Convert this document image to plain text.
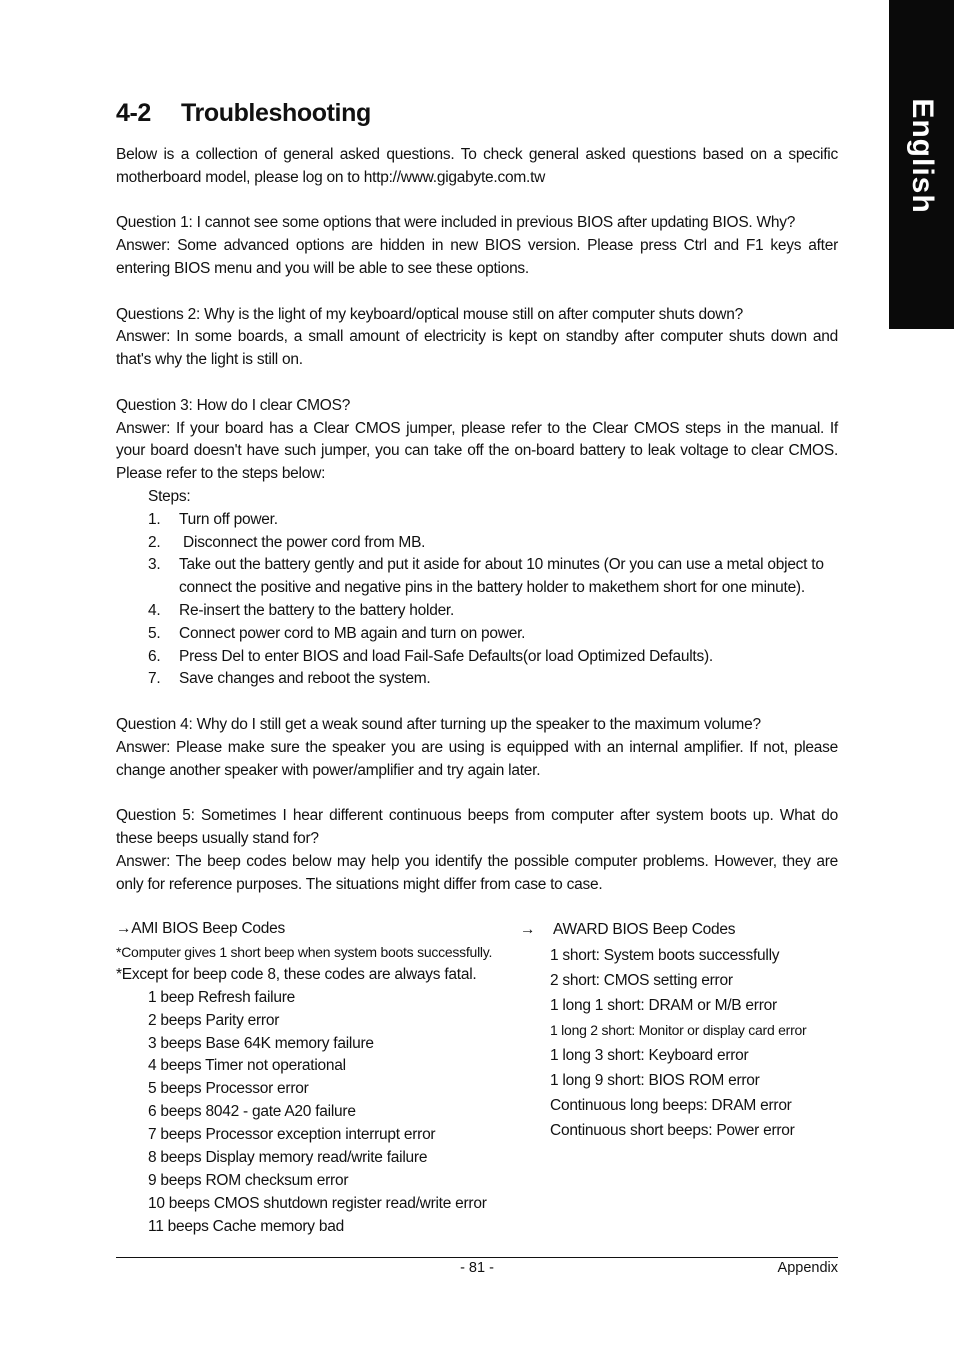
English
4-2 Troubleshooting

Below is a collection of general asked questions. To check general asked questions based on a specific motherboard model, please log on to http://www.gigabyte.com.tw

Question 1: I cannot see some options that were included in previous BIOS after updating BIOS. Why?

Answer: Some advanced options are hidden in new BIOS version. Please press Ctrl and F1 keys after entering BIOS menu and you will be able to see these options.

Questions 2: Why is the light of my keyboard/optical mouse still on after computer shuts down?

Answer: In some boards, a small amount of electricity is kept on standby after computer shuts down and that's why the light is still on.

Question 3: How do I clear CMOS?

Answer: If your board has a Clear CMOS jumper, please refer to the Clear CMOS steps in the manual. If your board doesn't have such jumper, you can take off the on-board battery to leak voltage to clear CMOS. Please refer to the steps below:

Steps:
1. Turn off power.
2. Disconnect the power cord from MB.
3. Take out the battery gently and put it aside for about 10 minutes (Or you can use a metal object to connect the positive and negative pins in the battery holder to makethem short for one minute).
4. Re-insert the battery to the battery holder.
5. Connect power cord to MB again and turn on power.
6. Press Del to enter BIOS and load Fail-Safe Defaults(or load Optimized Defaults).
7. Save changes and reboot the system.

Question 4: Why do I still get a weak sound after turning up the speaker to the maximum volume?

Answer: Please make sure the speaker you are using is equipped with an internal amplifier. If not, please change another speaker with power/amplifier and try again later.

Question 5: Sometimes I hear different continuous beeps from computer after system boots up. What do these beeps usually stand for?

Answer: The beep codes below may help you identify the possible computer problems. However, they are only for reference purposes. The situations might differ from case to case.

→AMI BIOS Beep Codes
*Computer gives 1 short beep when system boots successfully.
*Except for beep code 8, these codes are always fatal.
1 beep Refresh failure
2 beeps Parity error
3 beeps Base 64K memory failure
4 beeps Timer not operational
5 beeps Processor error
6 beeps 8042 - gate A20 failure
7 beeps Processor exception interrupt error
8 beeps Display memory read/write failure
9 beeps ROM checksum error
10 beeps CMOS shutdown register read/write error
11 beeps Cache memory bad
→ AWARD BIOS Beep Codes
1 short: System boots successfully
2 short: CMOS setting error
1 long 1 short: DRAM or M/B error
1 long 2 short: Monitor or display card error
1 long 3 short: Keyboard error
1 long 9 short: BIOS ROM error
Continuous long beeps: DRAM error
Continuous short beeps: Power error
- 81 -	Appendix
